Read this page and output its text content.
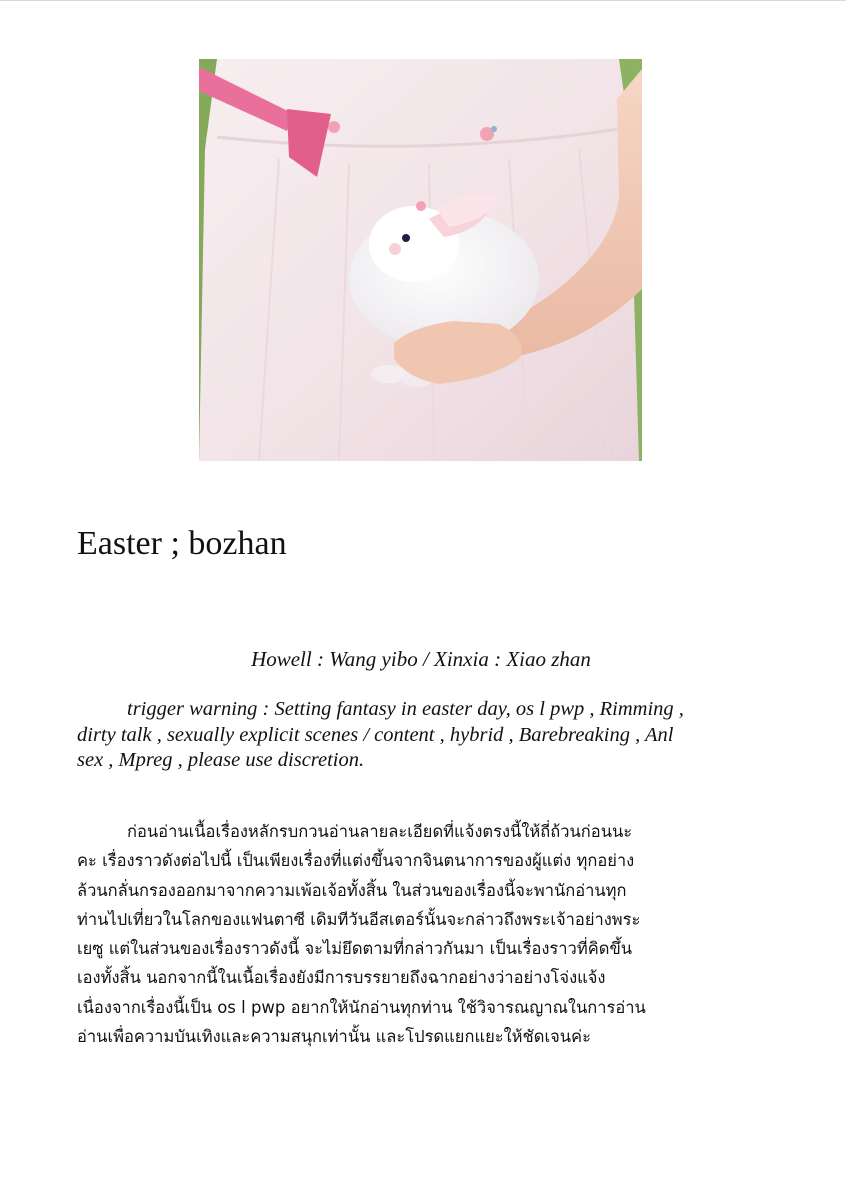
Easter ; bozhan
Howell : Wang yibo / Xinxia : Xiao zhan
trigger warning : Setting fantasy in easter day, os l pwp , Rimming ,
dirty talk , sexually explicit scenes / content , hybrid , Barebreaking , Anl
sex , Mpreg , please use discretion.
ก่อนอ่านเนื้อเรื่องหลักรบกวนอ่านลายละเอียดที่แจ้งตรงนี้ให้ถี่ถ้วนก่อนนะ
คะ เรื่องราวดังต่อไปนี้ เป็นเพียงเรื่องที่แต่งขึ้นจากจินตนาการของผู้แต่ง ทุกอย่าง
ล้วนกลั่นกรองออกมาจากความเพ้อเจ้อทั้งสิ้น ในส่วนของเรื่องนี้จะพานักอ่านทุก
ท่านไปเที่ยวในโลกของแฟนตาซี เดิมทีวันอีสเตอร์นั้นจะกล่าวถึงพระเจ้าอย่างพระ
เยซู แต่ในส่วนของเรื่องราวดังนี้ จะไม่ยึดตามที่กล่าวกันมา เป็นเรื่องราวที่คิดขึ้น
เองทั้งสิ้น นอกจากนี้ในเนื้อเรื่องยังมีการบรรยายถึงฉากอย่างว่าอย่างโจ่งแจ้ง
เนื่องจากเรื่องนี้เป็น os l pwp อยากให้นักอ่านทุกท่าน ใช้วิจารณญาณในการอ่าน
อ่านเพื่อความบันเทิงและความสนุกเท่านั้น และโปรดแยกแยะให้ชัดเจนค่ะ
